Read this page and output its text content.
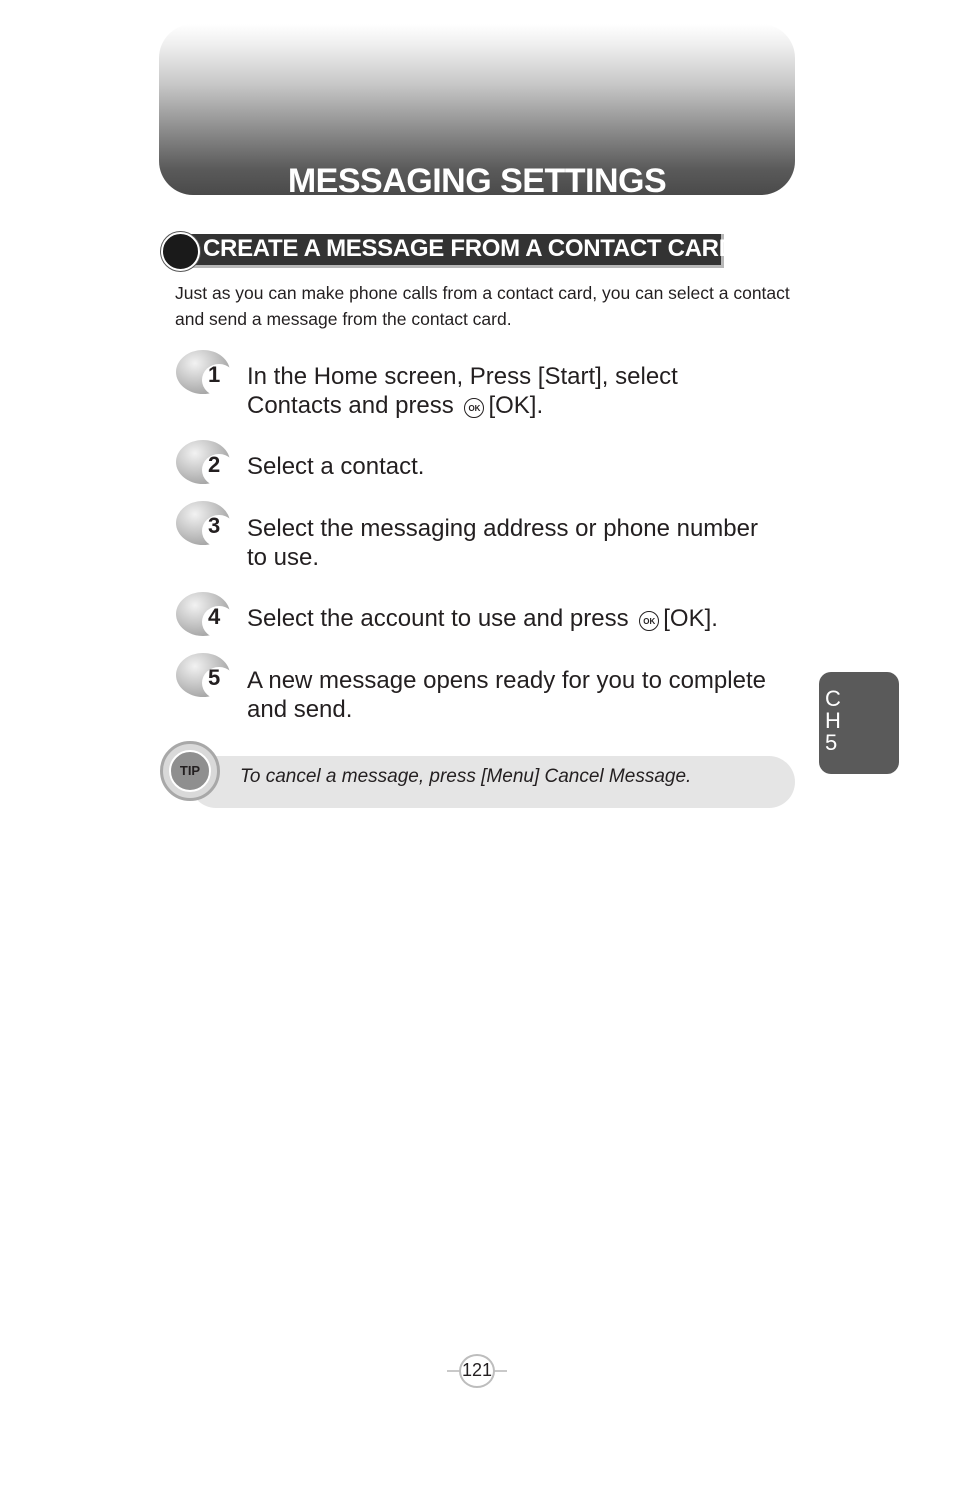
MESSAGING SETTINGS
CREATE A MESSAGE FROM A CONTACT CARD
Just as you can make phone calls from a contact card, you can select a contact and send a message from the contact card.
1 In the Home screen, Press [Start], select
Contacts and press OK [OK].
2 Select a contact.
3 Select the messaging address or phone number
to use.
4 Select the account to use and press OK [OK].
5 A new message opens ready for you to complete
and send.
TIP	To cancel a message, press [Menu] Cancel Message.
C
H
5
121
